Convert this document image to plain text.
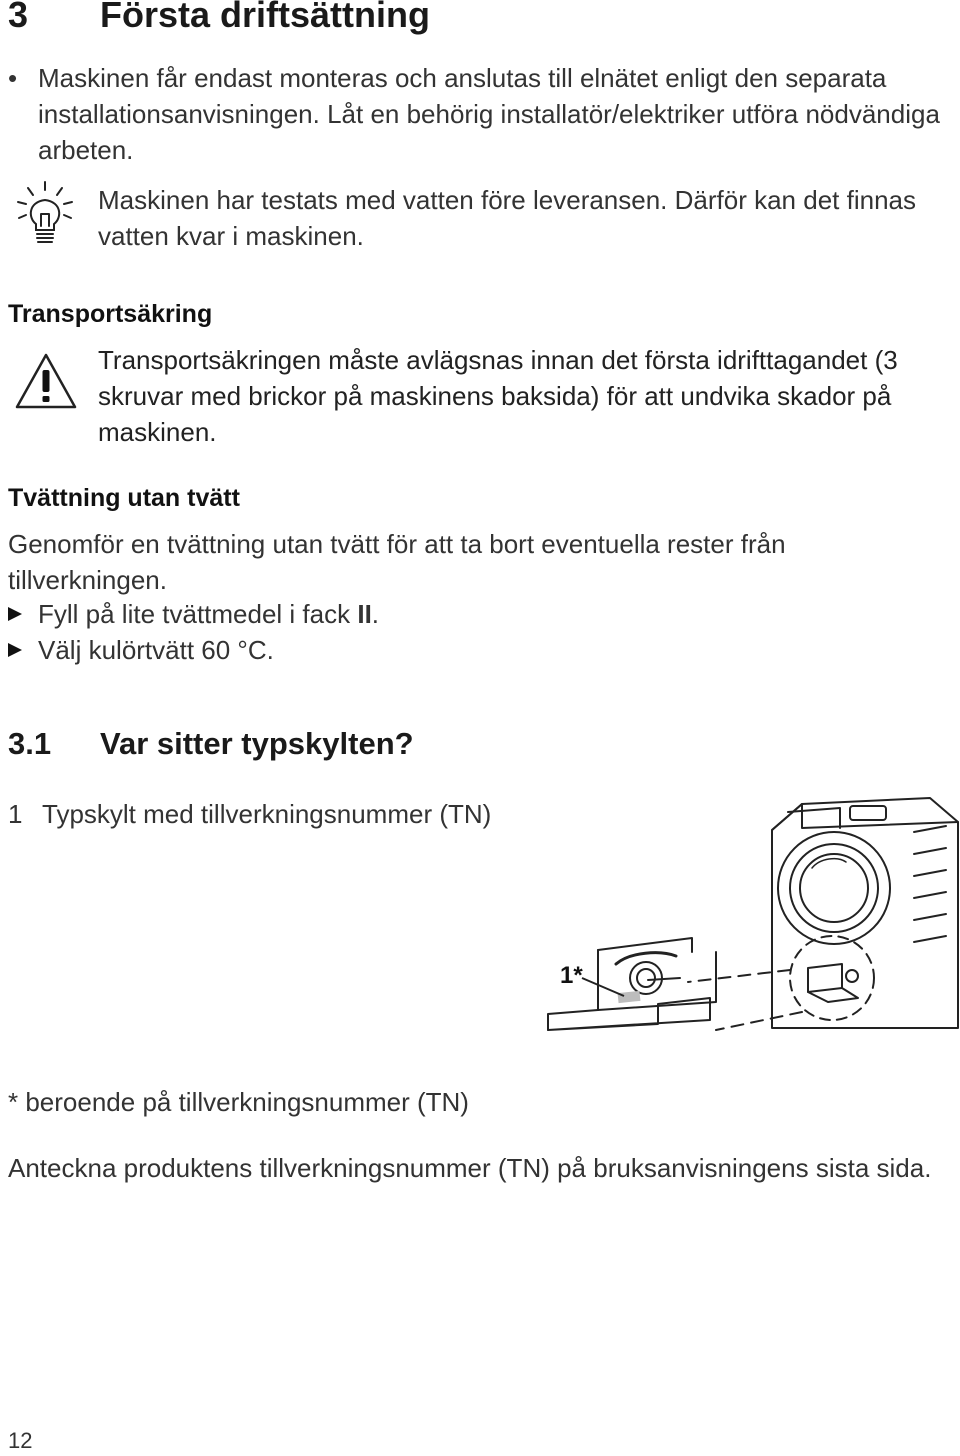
3 Första driftsättning
• Maskinen får endast monteras och anslutas till elnätet enligt den separata installationsanvisningen. Låt en behörig installatör/elektriker utföra nödvändiga arbeten.
Maskinen har testats med vatten före leveransen. Därför kan det finnas vatten kvar i maskinen.
Transportsäkring
Transportsäkringen måste avlägsnas innan det första idrifttagandet (3 skruvar med brickor på maskinens baksida) för att undvika skador på maskinen.
Tvättning utan tvätt
Genomför en tvättning utan tvätt för att ta bort eventuella rester från tillverkningen.
Fyll på lite tvättmedel i fack II.
Välj kulörtvätt 60 °C.
3.1 Var sitter typskylten?
1 Typskylt med tillverkningsnummer (TN)
1*
* beroende på tillverkningsnummer (TN)
Anteckna produktens tillverkningsnummer (TN) på bruksanvisningens sista sida.
12
